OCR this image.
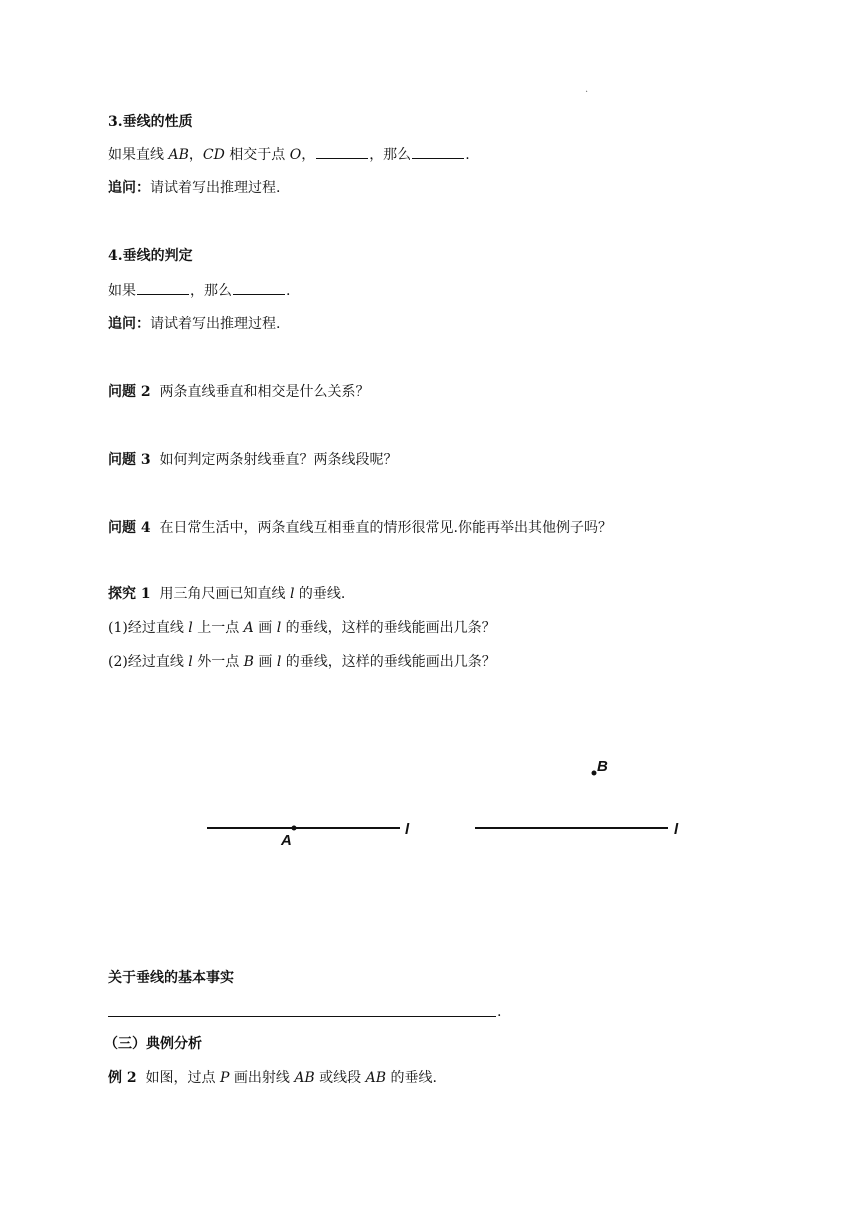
.
3.垂线的性质
如果直线 AB，CD 相交于点 O，	，那么	.
追问：请试着写出推理过程.
4.垂线的判定
如果	，那么	.
追问：请试着写出推理过程.
问题 2 两条直线垂直和相交是什么关系？
问题 3 如何判定两条射线垂直？两条线段呢？
问题 4 在日常生活中，两条直线互相垂直的情形很常见.你能再举出其他例子吗？
探究 1 用三角尺画已知直线 l 的垂线.
(1)经过直线 l 上一点 A 画 l 的垂线，这样的垂线能画出几条？
(2)经过直线 l 外一点 B 画 l 的垂线，这样的垂线能画出几条？
A
l
B
l
关于垂线的基本事实
.
（三）典例分析
例 2 如图，过点 P 画出射线 AB 或线段 AB 的垂线.
